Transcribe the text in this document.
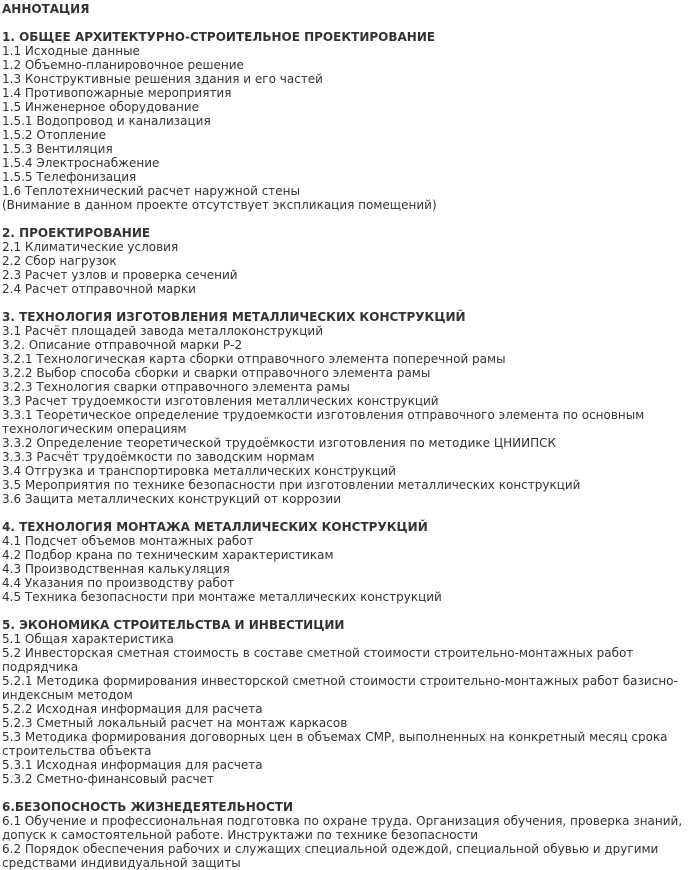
АННОТАЦИЯ
1. ОБЩЕЕ АРХИТЕКТУРНО-СТРОИТЕЛЬНОЕ ПРОЕКТИРОВАНИЕ
1.1 Исходные данные
1.2 Объемно-планировочное решение
1.3 Конструктивные решения здания и его частей
1.4 Противопожарные мероприятия
1.5 Инженерное оборудование
1.5.1 Водопровод и канализация
1.5.2 Отопление
1.5.3 Вентиляция
1.5.4 Электроснабжение
1.5.5 Телефонизация
1.6 Теплотехнический расчет наружной стены
(Внимание в данном проекте отсутствует экспликация помещений)
2. ПРОЕКТИРОВАНИЕ
2.1 Климатические условия
2.2 Сбор нагрузок
2.3 Расчет узлов и проверка сечений
2.4 Расчет отправочной марки
3. ТЕХНОЛОГИЯ ИЗГОТОВЛЕНИЯ МЕТАЛЛИЧЕСКИХ КОНСТРУКЦИЙ
3.1 Расчёт площадей завода металлоконструкций
3.2. Описание отправочной марки Р-2
3.2.1 Технологическая карта сборки отправочного элемента поперечной рамы
3.2.2 Выбор способа сборки и сварки отправочного элемента рамы
3.2.3 Технология сварки отправочного элемента рамы
3.3 Расчет трудоемкости изготовления металлических конструкций
3.3.1 Теоретическое определение трудоемкости изготовления отправочного элемента по основным технологическим операциям
3.3.2 Определение теоретической трудоёмкости изготовления по методике ЦНИИПСК
3.3.3 Расчёт трудоёмкости по заводским нормам
3.4 Отгрузка и транспортировка металлических конструкций
3.5 Мероприятия по технике безопасности при изготовлении металлических конструкций
3.6 Защита металлических конструкций от коррозии
4. ТЕХНОЛОГИЯ МОНТАЖА МЕТАЛЛИЧЕСКИХ КОНСТРУКЦИЙ
4.1 Подсчет объемов монтажных работ
4.2 Подбор крана по техническим характеристикам
4.3 Производственная калькуляция
4.4 Указания по производству работ
4.5 Техника безопасности при монтаже металлических конструкций
5. ЭКОНОМИКА СТРОИТЕЛЬСТВА И ИНВЕСТИЦИИ
5.1 Общая характеристика
5.2 Инвесторская сметная стоимость в составе сметной стоимости строительно-монтажных работ подрядчика
5.2.1 Методика формирования инвесторской сметной стоимости строительно-монтажных работ базисно-индексным методом
5.2.2 Исходная информация для расчета
5.2.3 Сметный локальный расчет на монтаж каркасов
5.3 Методика формирования договорных цен в объемах СМР, выполненных на конкретный месяц срока строительства объекта
5.3.1 Исходная информация для расчета
5.3.2 Сметно-финансовый расчет
6.БЕЗОПОСНОСТЬ ЖИЗНЕДЕЯТЕЛЬНОСТИ
6.1 Обучение и профессиональная подготовка по охране труда. Организация обучения, проверка знаний, допуск к самостоятельной работе. Инструктажи по технике безопасности
6.2 Порядок обеспечения рабочих и служащих специальной одеждой, специальной обувью и другими средствами индивидуальной защиты
